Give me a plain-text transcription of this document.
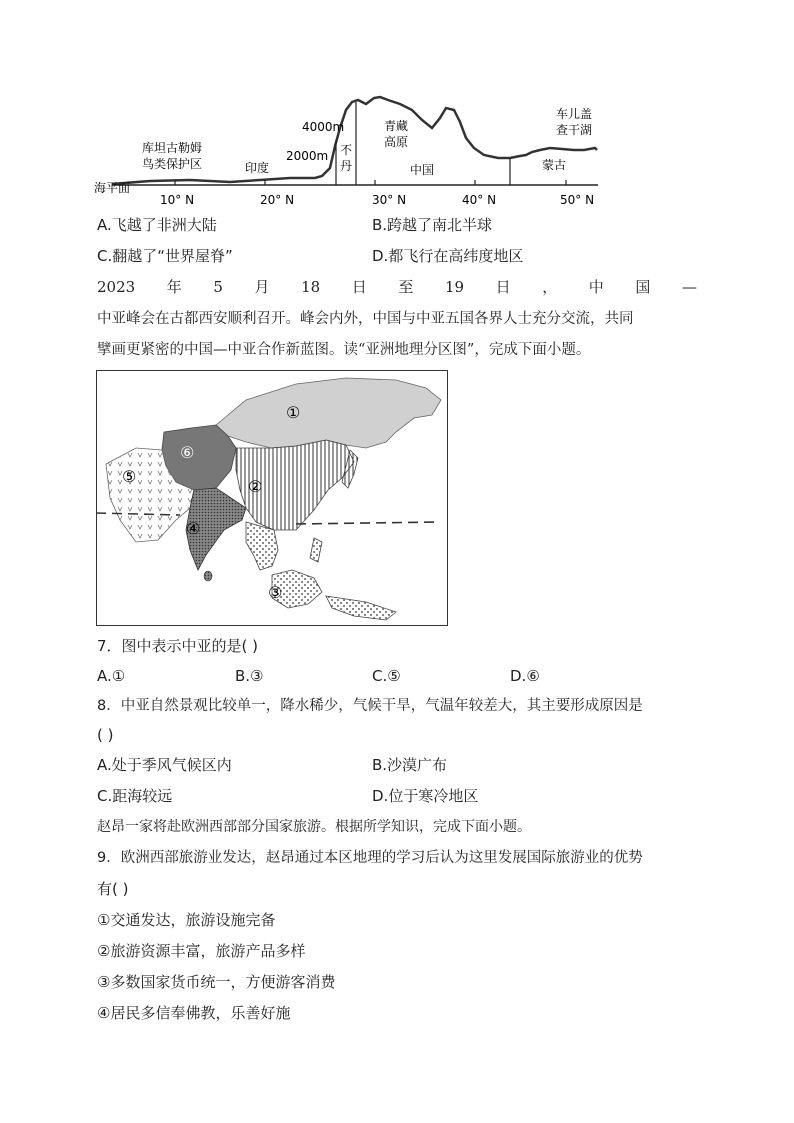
海平面
库坦古勒姆
鸟类保护区	印度
4000m
2000m 不
丹
青藏
高原
中国
车儿盖
查干湖
蒙古
10° N	20° N	30° N	40° N	50° N
A.飞越了非洲大陆	B.跨越了南北半球
C.翻越了“世界屋脊”	D.都飞行在高纬度地区
2023 年 5 月 18 日 至 19 日 ， 中 国 —
中亚峰会在古都西安顺利召开。峰会内外，中国与中亚五国各界人士充分交流，共同
擘画更紧密的中国—中亚合作新蓝图。读“亚洲地理分区图”，完成下面小题。
①
②
③
④
⑤
⑥
7．图中表示中亚的是( )
A.①	B.③	C.⑤	D.⑥
8．中亚自然景观比较单一，降水稀少，气候干旱，气温年较差大，其主要形成原因是
( )
A.处于季风气候区内	B.沙漠广布
C.距海较远	D.位于寒冷地区
赵昂一家将赴欧洲西部部分国家旅游。根据所学知识，完成下面小题。
9．欧洲西部旅游业发达，赵昂通过本区地理的学习后认为这里发展国际旅游业的优势
有( )
①交通发达，旅游设施完备
②旅游资源丰富，旅游产品多样
③多数国家货币统一，方便游客消费
④居民多信奉佛教，乐善好施
